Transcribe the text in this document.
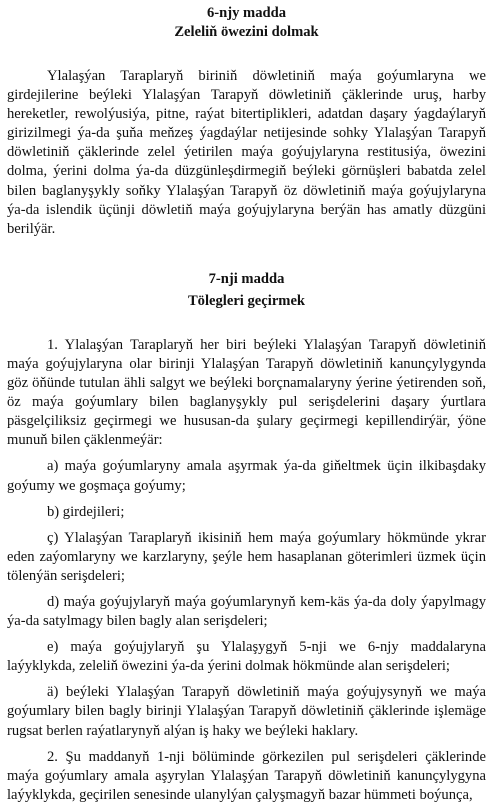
6-njy madda
Zeleliň öwezini dolmak

Ylalaşýan Taraplaryň biriniň döwletiniň maýa goýumlaryna we girdejilerine beýleki Ylalaşýan Tarapyň döwletiniň çäklerinde uruş, harby hereketler, rewolýusiýa, pitne, raýat bitertiplikleri, adatdan daşary ýagdaýlaryň girizilmegi ýa-da şuňa meňzeş ýagdaýlar netijesinde sohky Ylalaşýan Tarapyň döwletiniň çäklerinde zelel ýetirilen maýa goýujylaryna restitusiýa, öwezini dolma, ýerini dolma ýa-da düzgünleşdirmegiň beýleki görnüşleri babatda zelel bilen baglanyşykly soňky Ylalaşýan Tarapyň öz döwletiniň maýa goýujylaryna ýa-da islendik üçünji döwletiň maýa goýujylaryna berýän has amatly düzgüni berilýär.

7-nji madda
Tölegleri geçirmek

1. Ylalaşýan Taraplaryň her biri beýleki Ylalaşýan Tarapyň döwletiniň maýa goýujylaryna olar birinji Ylalaşýan Tarapyň döwletiniň kanunçylygynda göz öňünde tutulan ähli salgyt we beýleki borçnamalaryny ýerine ýetirenden soň, öz maýa goýumlary bilen baglanyşykly pul serişdelerini daşary ýurtlara päsgelçiliksiz geçirmegi we hususan-da şulary geçirmegi kepillendirýär, ýöne munuň bilen çäklenmeýär:

a) maýa goýumlaryny amala aşyrmak ýa-da giňeltmek üçin ilkibaşdaky goýumy we goşmaça goýumy;

b) girdejileri;

ç) Ylalaşýan Taraplaryň ikisiniň hem maýa goýumlary hökmünde ykrar eden zaýomlaryny we karzlaryny, şeýle hem hasaplanan göterimleri üzmek üçin tölenýän serişdeleri;

d) maýa goýujylaryň maýa goýumlarynyň kem-käs ýa-da doly ýapylmagy ýa-da satylmagy bilen bagly alan serişdeleri;

e) maýa goýujylaryň şu Ylalaşygyň 5-nji we 6-njy maddalaryna laýyklykda, zeleliň öwezini ýa-da ýerini dolmak hökmünde alan serişdeleri;

ä) beýleki Ylalaşýan Tarapyň döwletiniň maýa goýujysynyň we maýa goýumlary bilen bagly birinji Ylalaşýan Tarapyň döwletiniň çäklerinde işlemäge rugsat berlen raýatlarynyň alýan iş haky we beýleki haklary.

2. Şu maddanyň 1-nji bölüminde görkezilen pul serişdeleri çäklerinde maýa goýumlary amala aşyrylan Ylalaşýan Tarapyň döwletiniň kanunçylygyna laýyklykda, geçirilen senesinde ulanylýan çalyşmagyň bazar hümmeti boýunça,
